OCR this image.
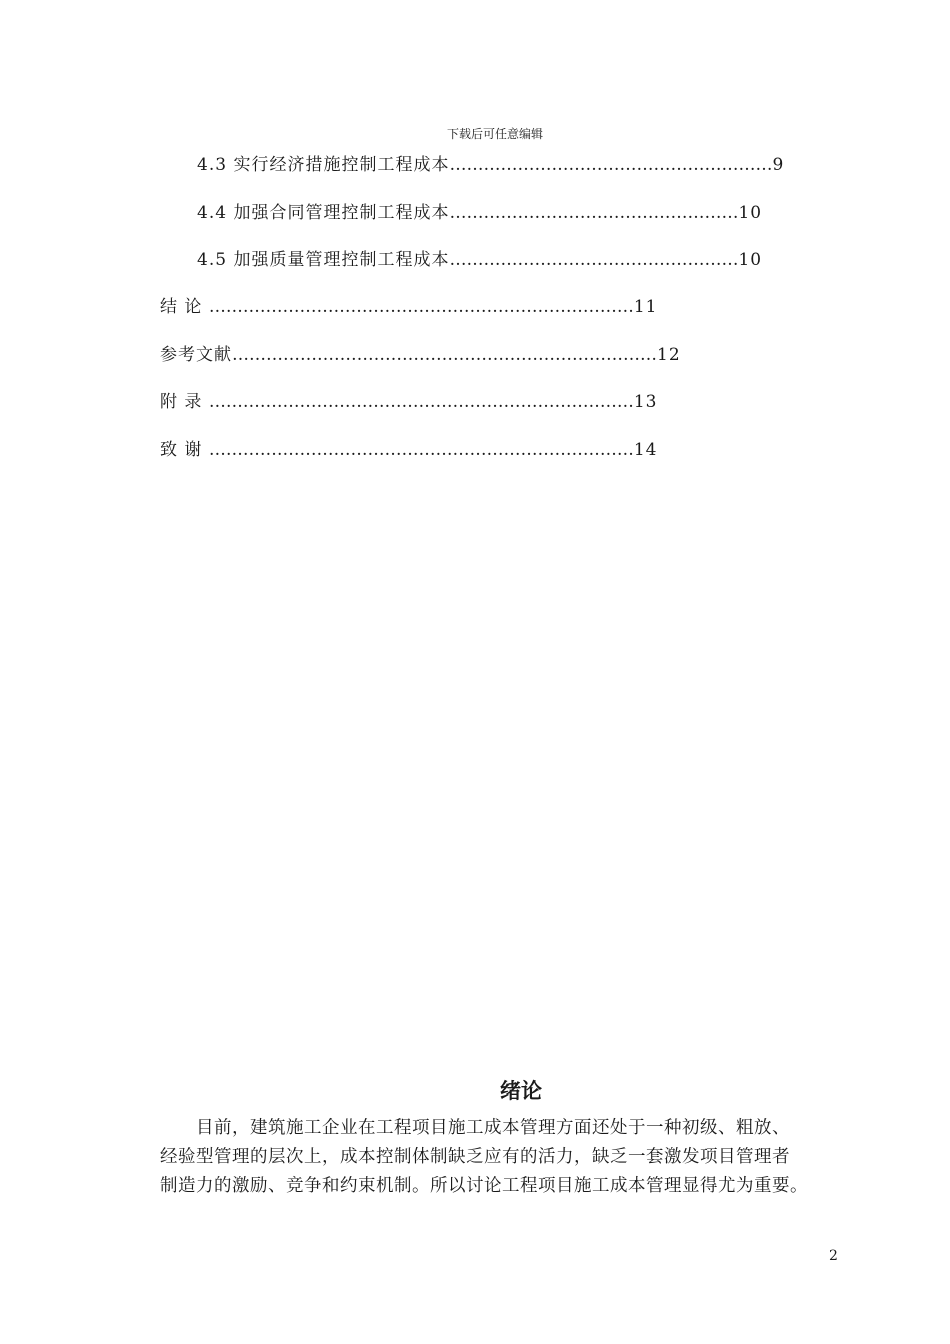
下载后可任意编辑
4.3 实行经济措施控制工程成本…………………………………………………9
4.4 加强合同管理控制工程成本……………………………………………10
4.5 加强质量管理控制工程成本……………………………………………10
结 论 …………………………………………………………………11
参考文献…………………………………………………………………12
附 录 …………………………………………………………………13
致 谢 …………………………………………………………………14
绪论
　　目前，建筑施工企业在工程项目施工成本管理方面还处于一种初级、粗放、
经验型管理的层次上，成本控制体制缺乏应有的活力，缺乏一套激发项目管理者
制造力的激励、竞争和约束机制。所以讨论工程项目施工成本管理显得尤为重要。
2
